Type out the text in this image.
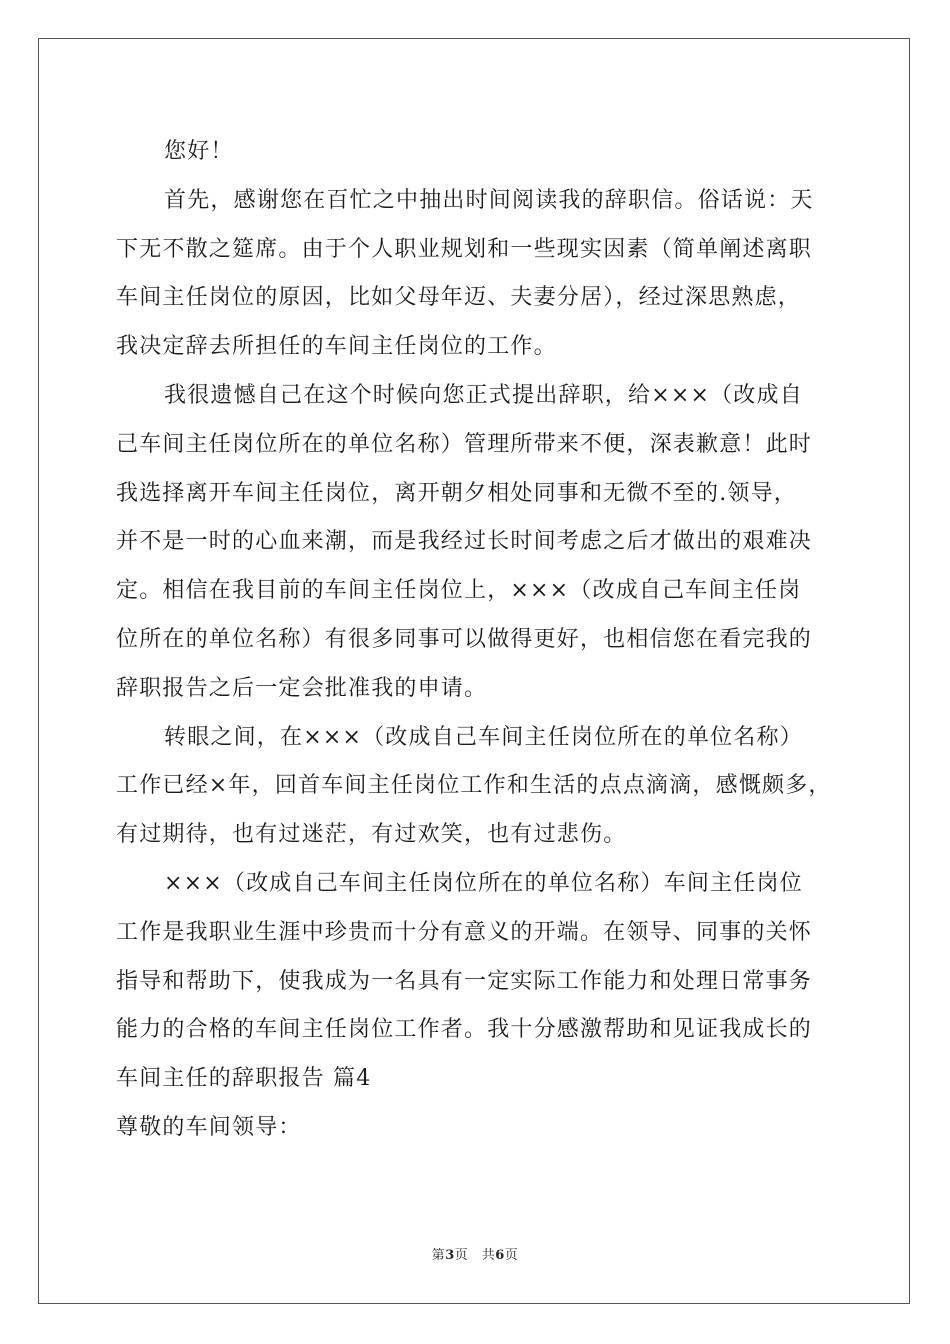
您好！
首先，感谢您在百忙之中抽出时间阅读我的辞职信。俗话说：天
下无不散之筵席。由于个人职业规划和一些现实因素（简单阐述离职
车间主任岗位的原因，比如父母年迈、夫妻分居），经过深思熟虑，
我决定辞去所担任的车间主任岗位的工作。
我很遗憾自己在这个时候向您正式提出辞职，给×××（改成自
己车间主任岗位所在的单位名称）管理所带来不便，深表歉意！此时
我选择离开车间主任岗位，离开朝夕相处同事和无微不至的.领导，
并不是一时的心血来潮，而是我经过长时间考虑之后才做出的艰难决
定。相信在我目前的车间主任岗位上，×××（改成自己车间主任岗
位所在的单位名称）有很多同事可以做得更好，也相信您在看完我的
辞职报告之后一定会批准我的申请。
转眼之间，在×××（改成自己车间主任岗位所在的单位名称）
工作已经×年，回首车间主任岗位工作和生活的点点滴滴，感慨颇多，
有过期待，也有过迷茫，有过欢笑，也有过悲伤。
×××（改成自己车间主任岗位所在的单位名称）车间主任岗位
工作是我职业生涯中珍贵而十分有意义的开端。在领导、同事的关怀
指导和帮助下，使我成为一名具有一定实际工作能力和处理日常事务
能力的合格的车间主任岗位工作者。我十分感激帮助和见证我成长的
车间主任的辞职报告 篇4
尊敬的车间领导：
第3页　共6页
